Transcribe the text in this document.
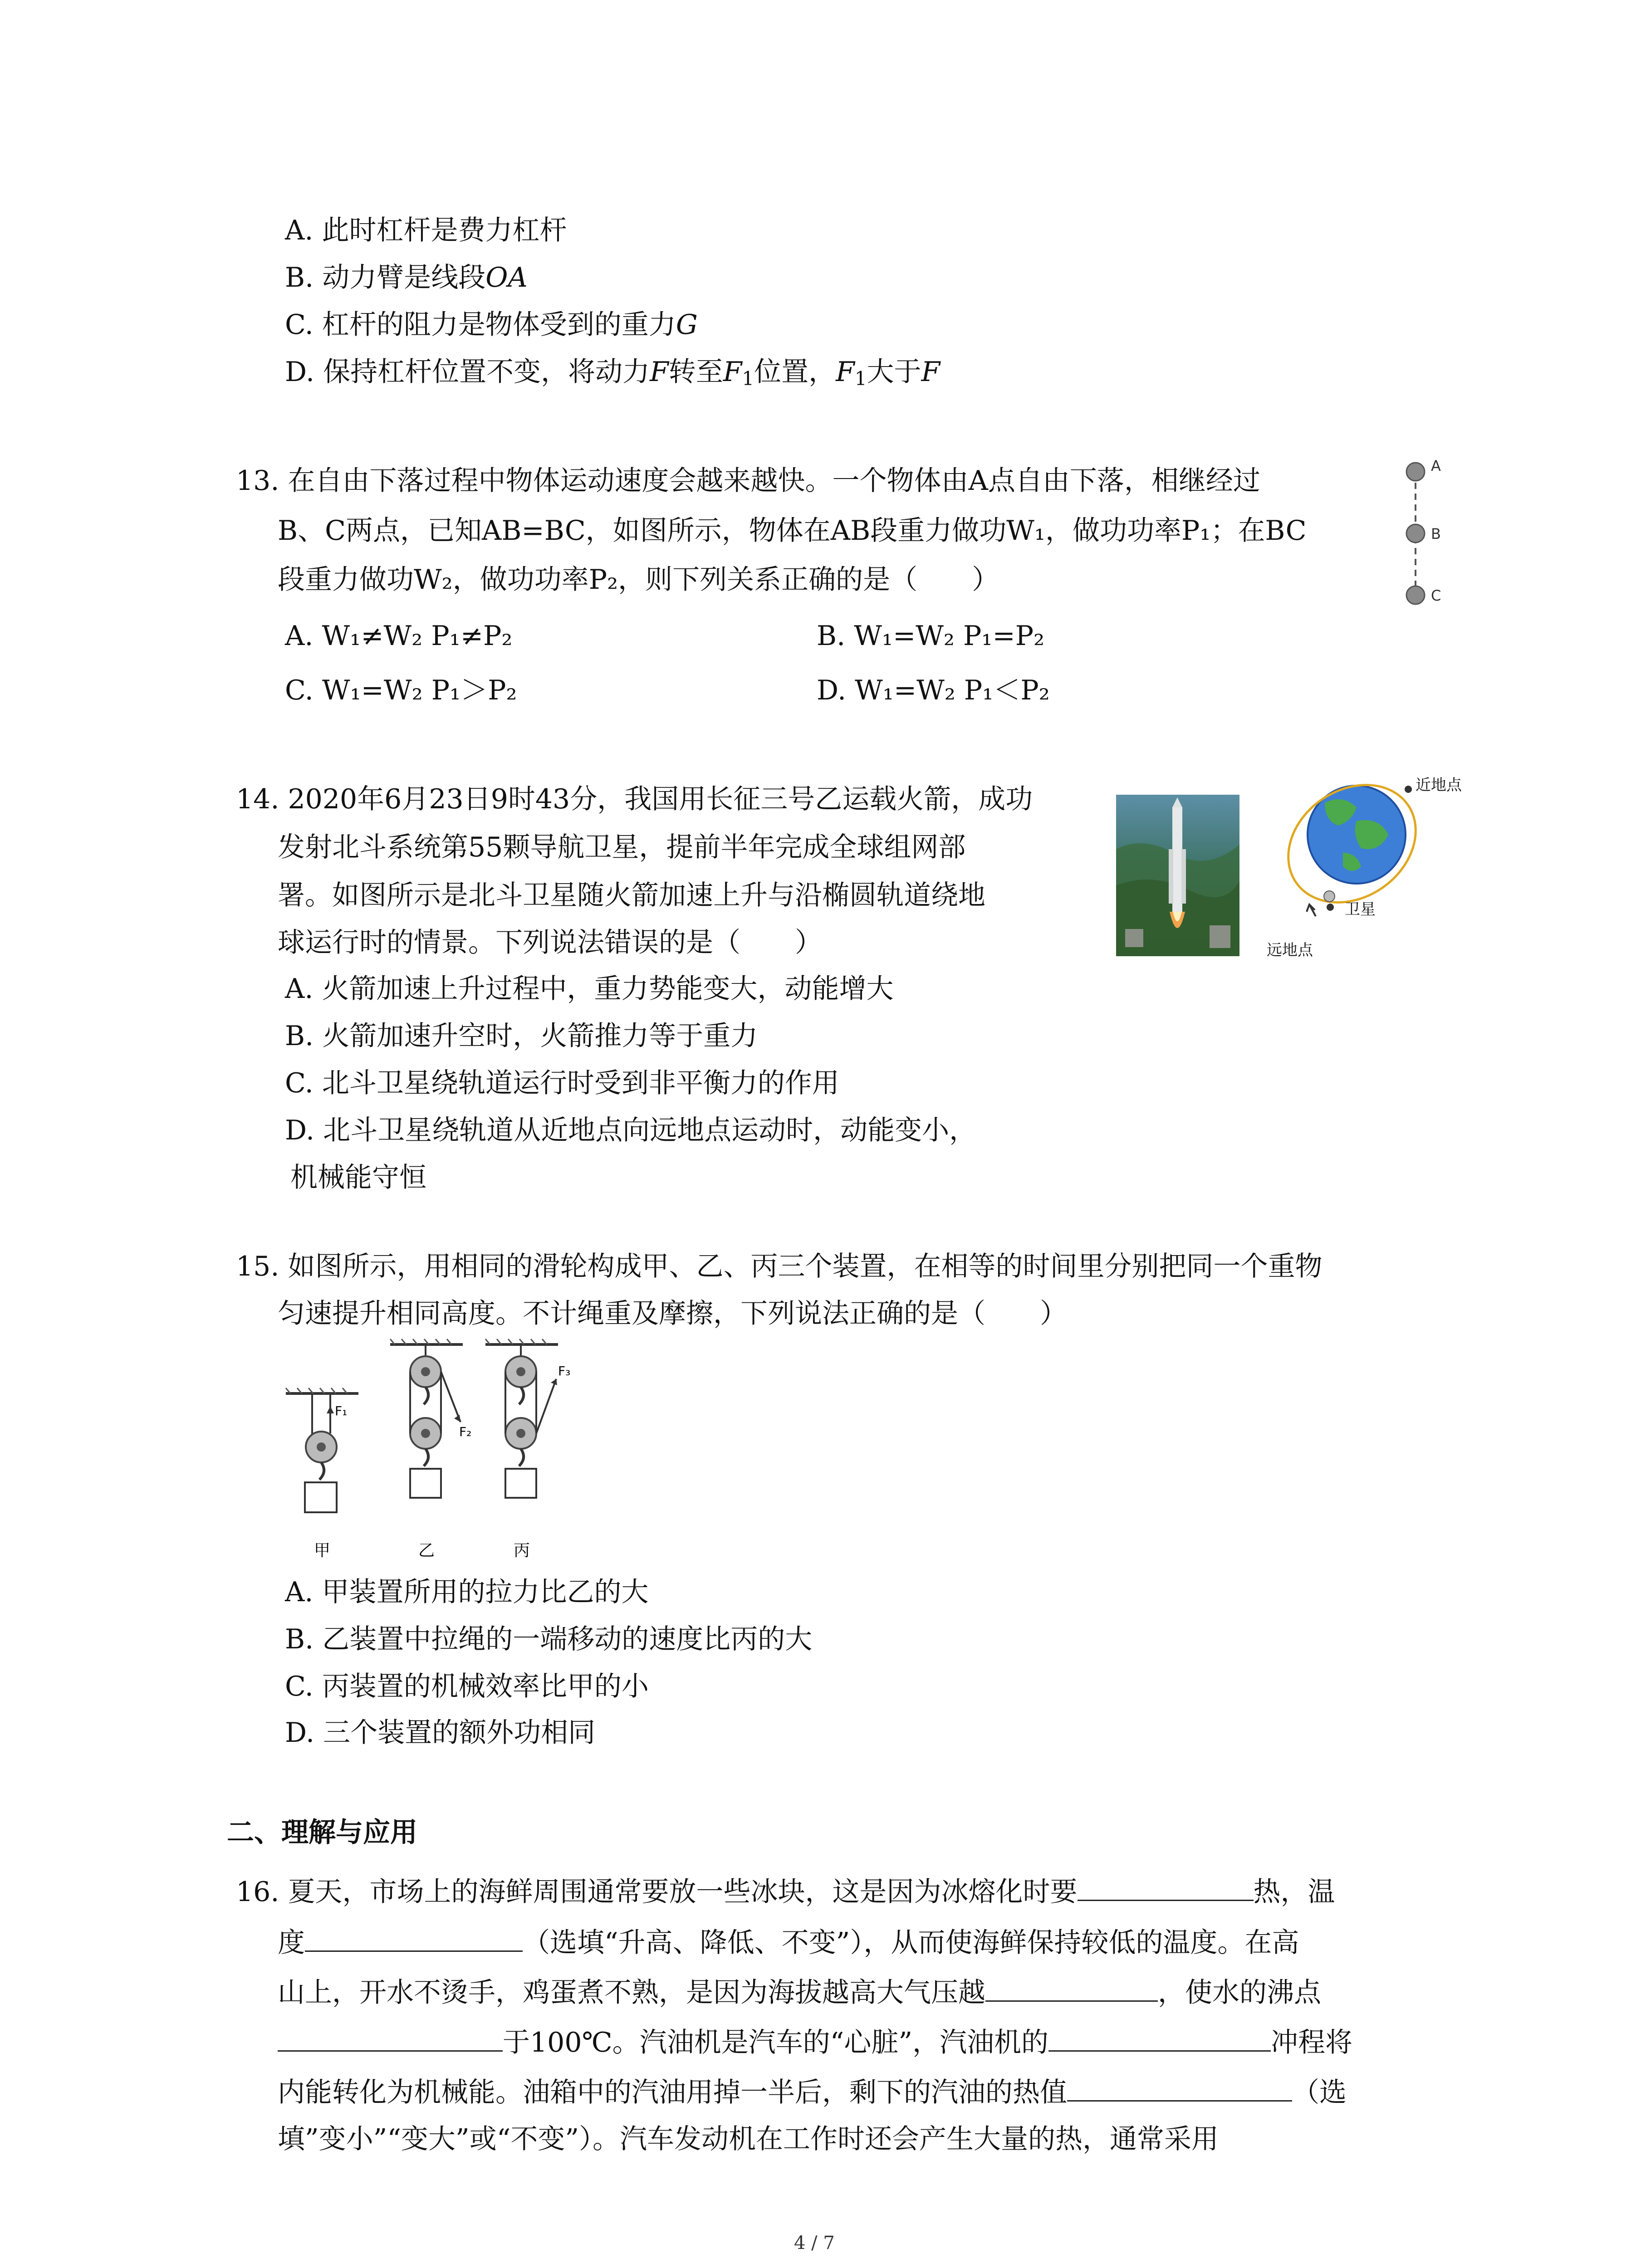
A. 此时杠杆是费力杠杆
B. 动力臂是线段OA
C. 杠杆的阻力是物体受到的重力G
D. 保持杠杆位置不变，将动力F转至$F_1$位置，$F_1$大于F
13. 在自由下落过程中物体运动速度会越来越快。一个物体由A点自由下落，相继经过
B、C两点，已知AB=BC，如图所示，物体在AB段重力做功W₁，做功功率P₁；在BC
段重力做功W₂，做功功率P₂，则下列关系正确的是（　　）
A. W₁≠W₂ P₁≠P₂	B. W₁=W₂ P₁=P₂
C. W₁=W₂ P₁＞P₂	D. W₁=W₂ P₁＜P₂
A
B
C
14. 2020年6月23日9时43分，我国用长征三号乙运载火箭，成功
发射北斗系统第55颗导航卫星，提前半年完成全球组网部
署。如图所示是北斗卫星随火箭加速上升与沿椭圆轨道绕地
球运行时的情景。下列说法错误的是（　　）
A. 火箭加速上升过程中，重力势能变大，动能增大
B. 火箭加速升空时，火箭推力等于重力
C. 北斗卫星绕轨道运行时受到非平衡力的作用
D. 北斗卫星绕轨道从近地点向远地点运动时，动能变小，
机械能守恒
近地点
卫星
远地点
15. 如图所示，用相同的滑轮构成甲、乙、丙三个装置，在相等的时间里分别把同一个重物
匀速提升相同高度。不计绳重及摩擦，下列说法正确的是（　　）
F₁
甲
F₂
乙
F₃
丙
A. 甲装置所用的拉力比乙的大
B. 乙装置中拉绳的一端移动的速度比丙的大
C. 丙装置的机械效率比甲的小
D. 三个装置的额外功相同
二、理解与应用
16. 夏天，市场上的海鲜周围通常要放一些冰块，这是因为冰熔化时要	热，温
度	（选填“升高、降低、不变”），从而使海鲜保持较低的温度。在高
山上，开水不烫手，鸡蛋煮不熟，是因为海拔越高大气压越	，使水的沸点
于100℃。汽油机是汽车的“心脏”，汽油机的	冲程将
内能转化为机械能。油箱中的汽油用掉一半后，剩下的汽油的热值	（选
填”变小”“变大”或“不变”）。汽车发动机在工作时还会产生大量的热，通常采用
4 / 7
